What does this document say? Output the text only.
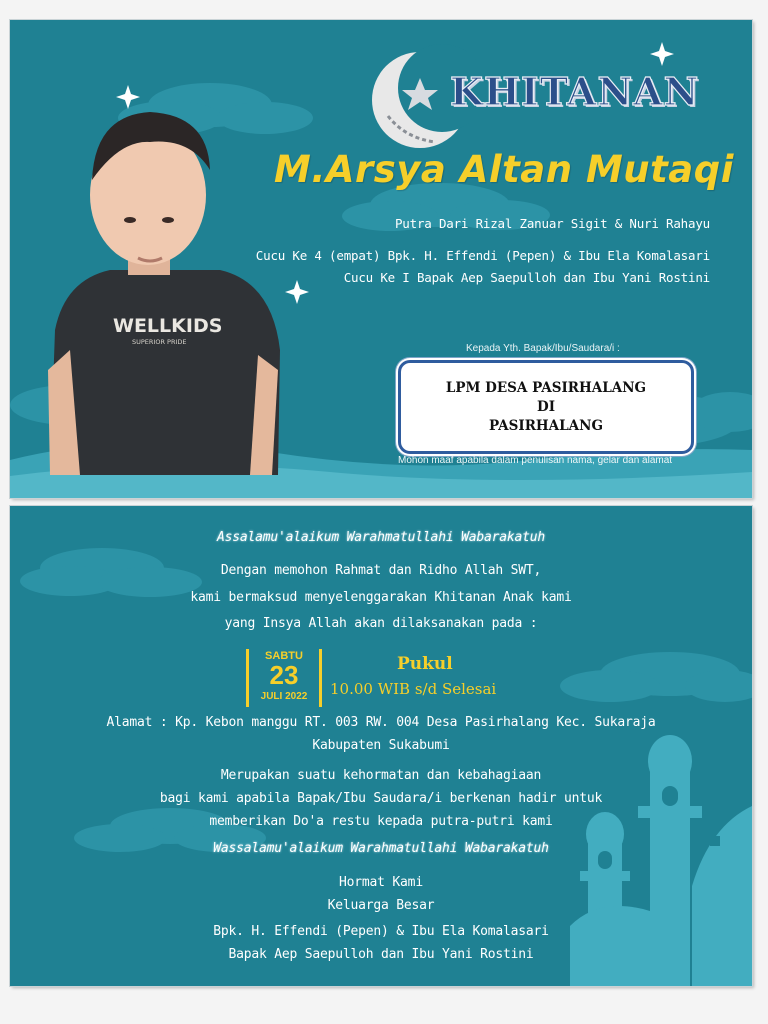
WELLKIDS
SUPERIOR PRIDE

KHITANAN

M.Arsya Altan Mutaqi

Putra Dari Rizal Zanuar Sigit & Nuri Rahayu

Cucu Ke 4 (empat) Bpk. H. Effendi (Pepen) & Ibu Ela Komalasari

Cucu Ke I Bapak Aep Saepulloh dan Ibu Yani Rostini

Kepada Yth. Bapak/Ibu/Saudara/i :

LPM DESA PASIRHALANG
DI
PASIRHALANG

Mohon maaf apabila dalam penulisan nama, gelar dan alamat

Assalamu'alaikum Warahmatullahi Wabarakatuh

Dengan memohon Rahmat dan Ridho Allah SWT,

kami bermaksud menyelenggarakan Khitanan Anak kami

yang Insya Allah akan dilaksanakan pada :

SABTU
23
JULI 2022

Pukul

10.00 WIB s/d Selesai

Alamat : Kp. Kebon manggu RT. 003 RW. 004 Desa Pasirhalang Kec. Sukaraja

Kabupaten Sukabumi

Merupakan suatu kehormatan dan kebahagiaan

bagi kami apabila Bapak/Ibu Saudara/i berkenan hadir untuk

memberikan Do'a restu kepada putra-putri kami

Wassalamu'alaikum Warahmatullahi Wabarakatuh

Hormat Kami

Keluarga Besar

Bpk. H. Effendi (Pepen) & Ibu Ela Komalasari

Bapak Aep Saepulloh dan Ibu Yani Rostini
